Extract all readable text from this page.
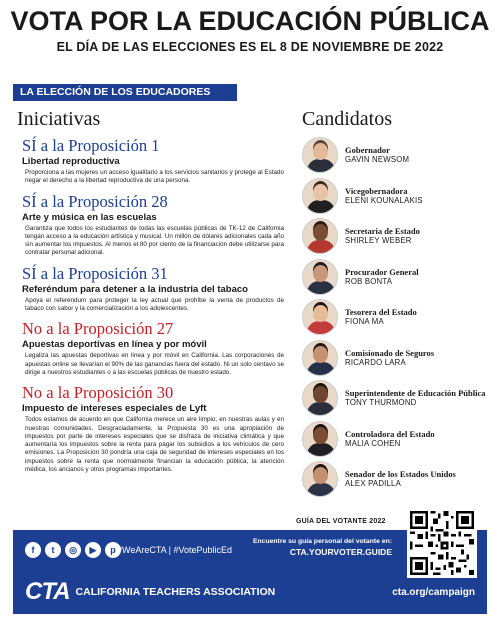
VOTA POR LA EDUCACIÓN PÚBLICA
EL DÍA DE LAS ELECCIONES ES EL 8 DE NOVIEMBRE DE 2022
LA ELECCIÓN DE LOS EDUCADORES
Iniciativas	Candidatos
SÍ a la Proposición 1
Libertad reproductiva
Proporciona a las mujeres un acceso igualitario a los servicios sanitarios y protege al Estado negar el derecho a la libertad reproductiva de una persona.
SÍ a la Proposición 28
Arte y música en las escuelas
Garantiza que todos los estudiantes de todas las escuelas públicas de TK-12 de California tengan acceso a la educación artística y musical. Un millón de dólares adicionales cada año sin aumentar los impuestos. Al menos el 80 por ciento de la financiación debe utilizarse para contratar personal adicional.
SÍ a la Proposición 31
Referéndum para detener a la industria del tabaco
Apoya el referéndum para proteger la ley actual que prohíbe la venta de productos de tabaco con sabor y la comercialización a los adolescentes.
No a la Proposición 27
Apuestas deportivas en línea y por móvil
Legaliza las apuestas deportivas en línea y por móvil en California. Las corporaciones de apuestas online se llevarían el 90% de las ganancias fuera del estado. Ni un solo centavo se dirige a nuestros estudiantes o a las escuelas públicas de nuestro estado.
No a la Proposición 30
Impuesto de intereses especiales de Lyft
Todos estamos de acuerdo en que California merece un aire limpio, en nuestras aulas y en nuestras comunidades. Desgraciadamente, la Propuesta 30 es una apropiación de impuestos por parte de intereses especiales que se disfraza de iniciativa climática y que aumentaría los impuestos sobre la renta para pagar los subsidios a los vehículos de cero emisiones. La Proposición 30 pondría una caja de seguridad de intereses especiales en los impuestos sobre la renta que normalmente financian la educación pública, la atención médica, los ancianos y otros programas importantes.
Gobernador
GAVIN NEWSOM
Vicegobernadora
ELENI KOUNALAKIS
Secretaria de Estado
SHIRLEY WEBER
Procurador General
ROB BONTA
Tesorera del Estado
FIONA MA
Comisionado de Seguros
RICARDO LARA
Superintendente de Educación Pública
TONY THURMOND
Controladora del Estado
MALIA COHEN
Senador de los Estados Unidos
ALEX PADILLA
GUÍA DEL VOTANTE 2022
f	t	◎	▶	p #WeAreCTA | #VotePublicEd
Encuentre su guía personal del votante en:
CTA.YOURVOTER.GUIDE
CTA CALIFORNIA TEACHERS ASSOCIATION	cta.org/campaign
